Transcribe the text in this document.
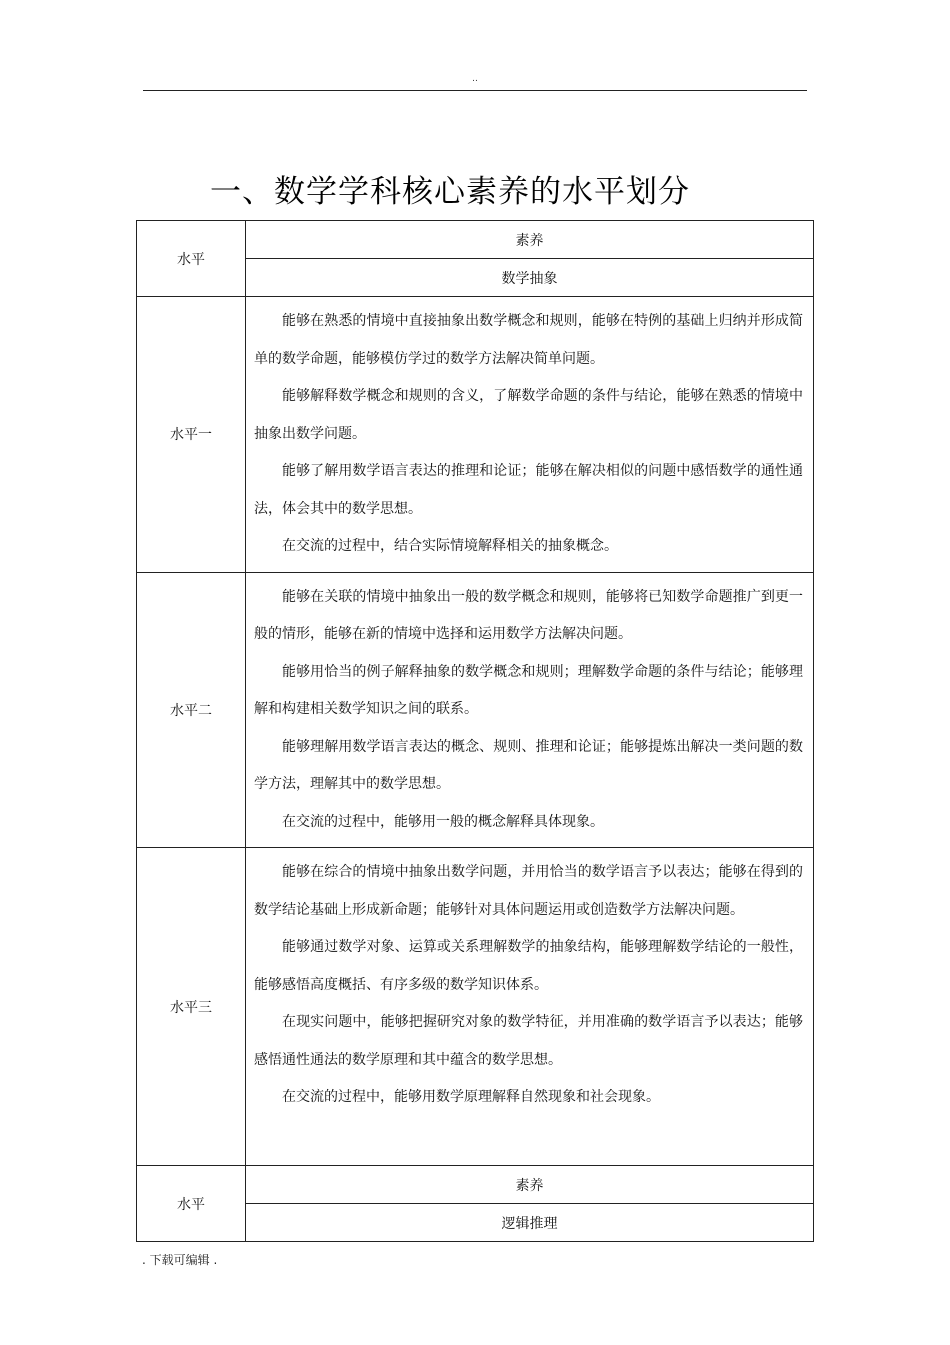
..
一、数学学科核心素养的水平划分
水平	素养
	数学抽象
水平一	能够在熟悉的情境中直接抽象出数学概念和规则，能够在特例的基础上归纳并形成简单的数学命题，能够模仿学过的数学方法解决简单问题。

能够解释数学概念和规则的含义，了解数学命题的条件与结论，能够在熟悉的情境中抽象出数学问题。

能够了解用数学语言表达的推理和论证；能够在解决相似的问题中感悟数学的通性通法，体会其中的数学思想。

在交流的过程中，结合实际情境解释相关的抽象概念。

水平二	能够在关联的情境中抽象出一般的数学概念和规则，能够将已知数学命题推广到更一般的情形，能够在新的情境中选择和运用数学方法解决问题。

能够用恰当的例子解释抽象的数学概念和规则；理解数学命题的条件与结论；能够理解和构建相关数学知识之间的联系。

能够理解用数学语言表达的概念、规则、推理和论证；能够提炼出解决一类问题的数学方法，理解其中的数学思想。

在交流的过程中，能够用一般的概念解释具体现象。

水平三	能够在综合的情境中抽象出数学问题，并用恰当的数学语言予以表达；能够在得到的数学结论基础上形成新命题；能够针对具体问题运用或创造数学方法解决问题。

能够通过数学对象、运算或关系理解数学的抽象结构，能够理解数学结论的一般性，能够感悟高度概括、有序多级的数学知识体系。

在现实问题中，能够把握研究对象的数学特征，并用准确的数学语言予以表达；能够感悟通性通法的数学原理和其中蕴含的数学思想。

在交流的过程中，能够用数学原理解释自然现象和社会现象。

水平	素养
	逻辑推理
. 下载可编辑 .
